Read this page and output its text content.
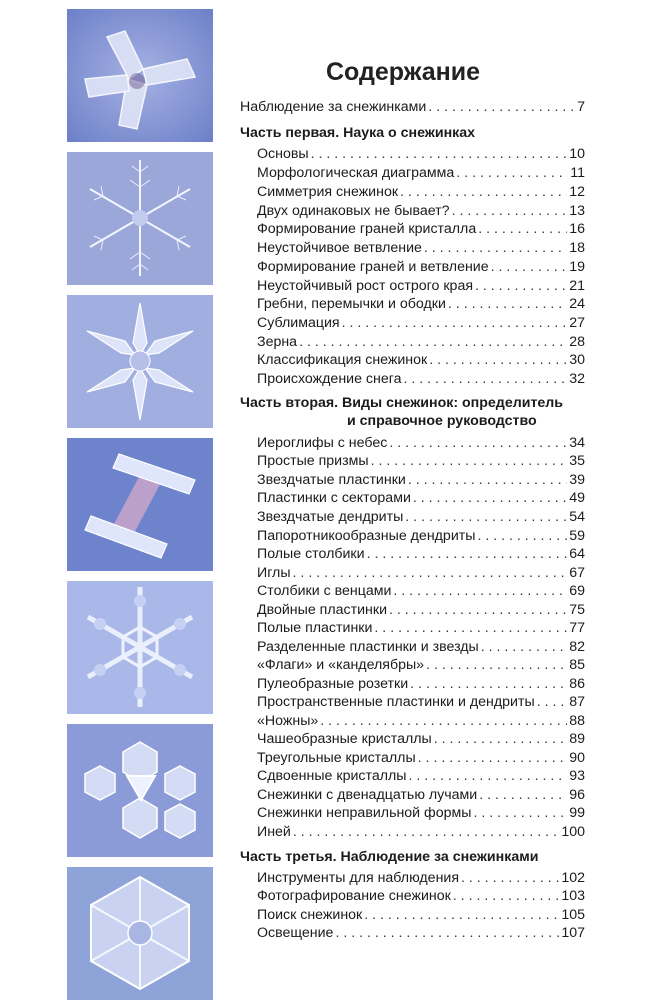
Содержание
Наблюдение за снежинками . . .	7
Часть первая. Наука о снежинках
Основы . . .	10
Морфологическая диаграмма . . .	11
Симметрия снежинок . . .	12
Двух одинаковых не бывает? . . .	13
Формирование граней кристалла . . .	16
Неустойчивое ветвление . . .	18
Формирование граней и ветвление . . .	19
Неустойчивый рост острого края . . .	21
Гребни, перемычки и ободки . . .	24
Сублимация . . .	27
Зерна . . .	28
Классификация снежинок . . .	30
Происхождение снега . . .	32
Часть вторая. Виды снежинок: определитель
и справочное руководство
Иероглифы с небес . . .	34
Простые призмы . . .	35
Звездчатые пластинки . . .	39
Пластинки с секторами . . .	49
Звездчатые дендриты . . .	54
Папоротникообразные дендриты . . .	59
Полые столбики . . .	64
Иглы . . .	67
Столбики с венцами . . .	69
Двойные пластинки . . .	75
Полые пластинки . . .	77
Разделенные пластинки и звезды . . .	82
«Флаги» и «канделябры» . . .	85
Пулеобразные розетки . . .	86
Пространственные пластинки и дендриты . . . 87
«Ножны» . . .	88
Чашеобразные кристаллы . . .	89
Треугольные кристаллы . . .	90
Сдвоенные кристаллы . . .	93
Снежинки с двенадцатью лучами . . .	96
Снежинки неправильной формы . . .	99
Иней . . .	100
Часть третья. Наблюдение за снежинками
Инструменты для наблюдения . . .	102
Фотографирование снежинок . . .	103
Поиск снежинок . . .	105
Освещение . . .	107
